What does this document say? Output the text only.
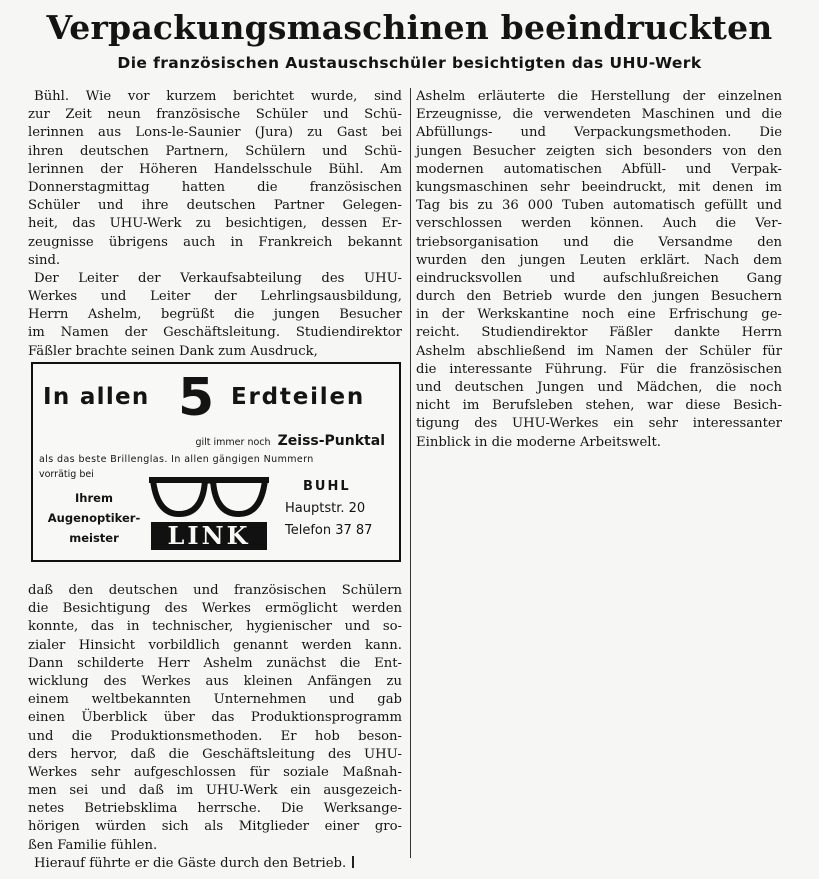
Verpackungsmaschinen beeindruckten
Die französischen Austauschschüler besichtigten das UHU-Werk
Bühl. Wie vor kurzem berichtet wurde, sind
zur Zeit neun französische Schüler und Schü-
lerinnen aus Lons-le-Saunier (Jura) zu Gast bei
ihren deutschen Partnern, Schülern und Schü-
lerinnen der Höheren Handelsschule Bühl. Am
Donnerstagmittag hatten die französischen
Schüler und ihre deutschen Partner Gelegen-
heit, das UHU-Werk zu besichtigen, dessen Er-
zeugnisse übrigens auch in Frankreich bekannt
sind.
Der Leiter der Verkaufsabteilung des UHU-
Werkes und Leiter der Lehrlingsausbildung,
Herrn Ashelm, begrüßt die jungen Besucher
im Namen der Geschäftsleitung. Studiendirektor
Fäßler brachte seinen Dank zum Ausdruck,
In allen 5 Erdteilen
gilt immer noch Zeiss-Punktal
als das beste Brillenglas. In allen gängigen Nummern
vorrätig bei
Ihrem
Augenoptiker-
meister	LINK
BUHL
Hauptstr. 20
Telefon 37 87
daß den deutschen und französischen Schülern
die Besichtigung des Werkes ermöglicht werden
konnte, das in technischer, hygienischer und so-
zialer Hinsicht vorbildlich genannt werden kann.
Dann schilderte Herr Ashelm zunächst die Ent-
wicklung des Werkes aus kleinen Anfängen zu
einem weltbekannten Unternehmen und gab
einen Überblick über das Produktionsprogramm
und die Produktionsmethoden. Er hob beson-
ders hervor, daß die Geschäftsleitung des UHU-
Werkes sehr aufgeschlossen für soziale Maßnah-
men sei und daß im UHU-Werk ein ausgezeich-
netes Betriebsklima herrsche. Die Werksange-
hörigen würden sich als Mitglieder einer gro-
ßen Familie fühlen.
Hierauf führte er die Gäste durch den Betrieb.
Ashelm erläuterte die Herstellung der einzelnen
Erzeugnisse, die verwendeten Maschinen und die
Abfüllungs- und Verpackungsmethoden. Die
jungen Besucher zeigten sich besonders von den
modernen automatischen Abfüll- und Verpak-
kungsmaschinen sehr beeindruckt, mit denen im
Tag bis zu 36 000 Tuben automatisch gefüllt und
verschlossen werden können. Auch die Ver-
triebsorganisation und die Versandme den
wurden den jungen Leuten erklärt. Nach dem
eindrucksvollen und aufschlußreichen Gang
durch den Betrieb wurde den jungen Besuchern
in der Werkskantine noch eine Erfrischung ge-
reicht. Studiendirektor Fäßler dankte Herrn
Ashelm abschließend im Namen der Schüler für
die interessante Führung. Für die französischen
und deutschen Jungen und Mädchen, die noch
nicht im Berufsleben stehen, war diese Besich-
tigung des UHU-Werkes ein sehr interessanter
Einblick in die moderne Arbeitswelt.
